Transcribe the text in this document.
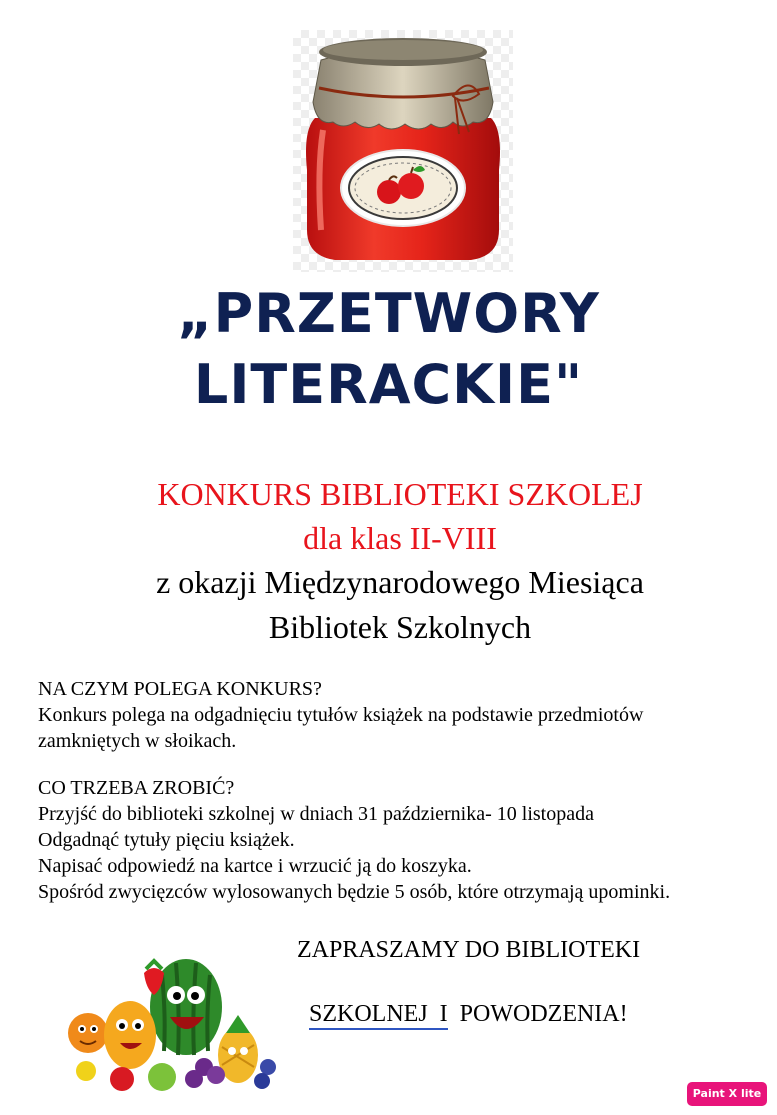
„PRZETWORY
LITERACKIE"
KONKURS BIBLIOTEKI SZKOLEJ
dla klas II-VIII
z okazji Międzynarodowego Miesiąca
Bibliotek Szkolnych
NA CZYM POLEGA KONKURS?
Konkurs polega na odgadnięciu tytułów książek na podstawie przedmiotów
zamkniętych w słoikach.
CO TRZEBA ZROBIĆ?
Przyjść do biblioteki szkolnej w dniach 31 października- 10 listopada
Odgadnąć tytuły pięciu książek.
Napisać odpowiedź na kartce i wrzucić ją do koszyka.
Spośród zwycięzców wylosowanych będzie 5 osób, które otrzymają upominki.
ZAPRASZAMY DO BIBLIOTEKI

SZKOLNEJ  I  POWODZENIA!

Paint X lite
